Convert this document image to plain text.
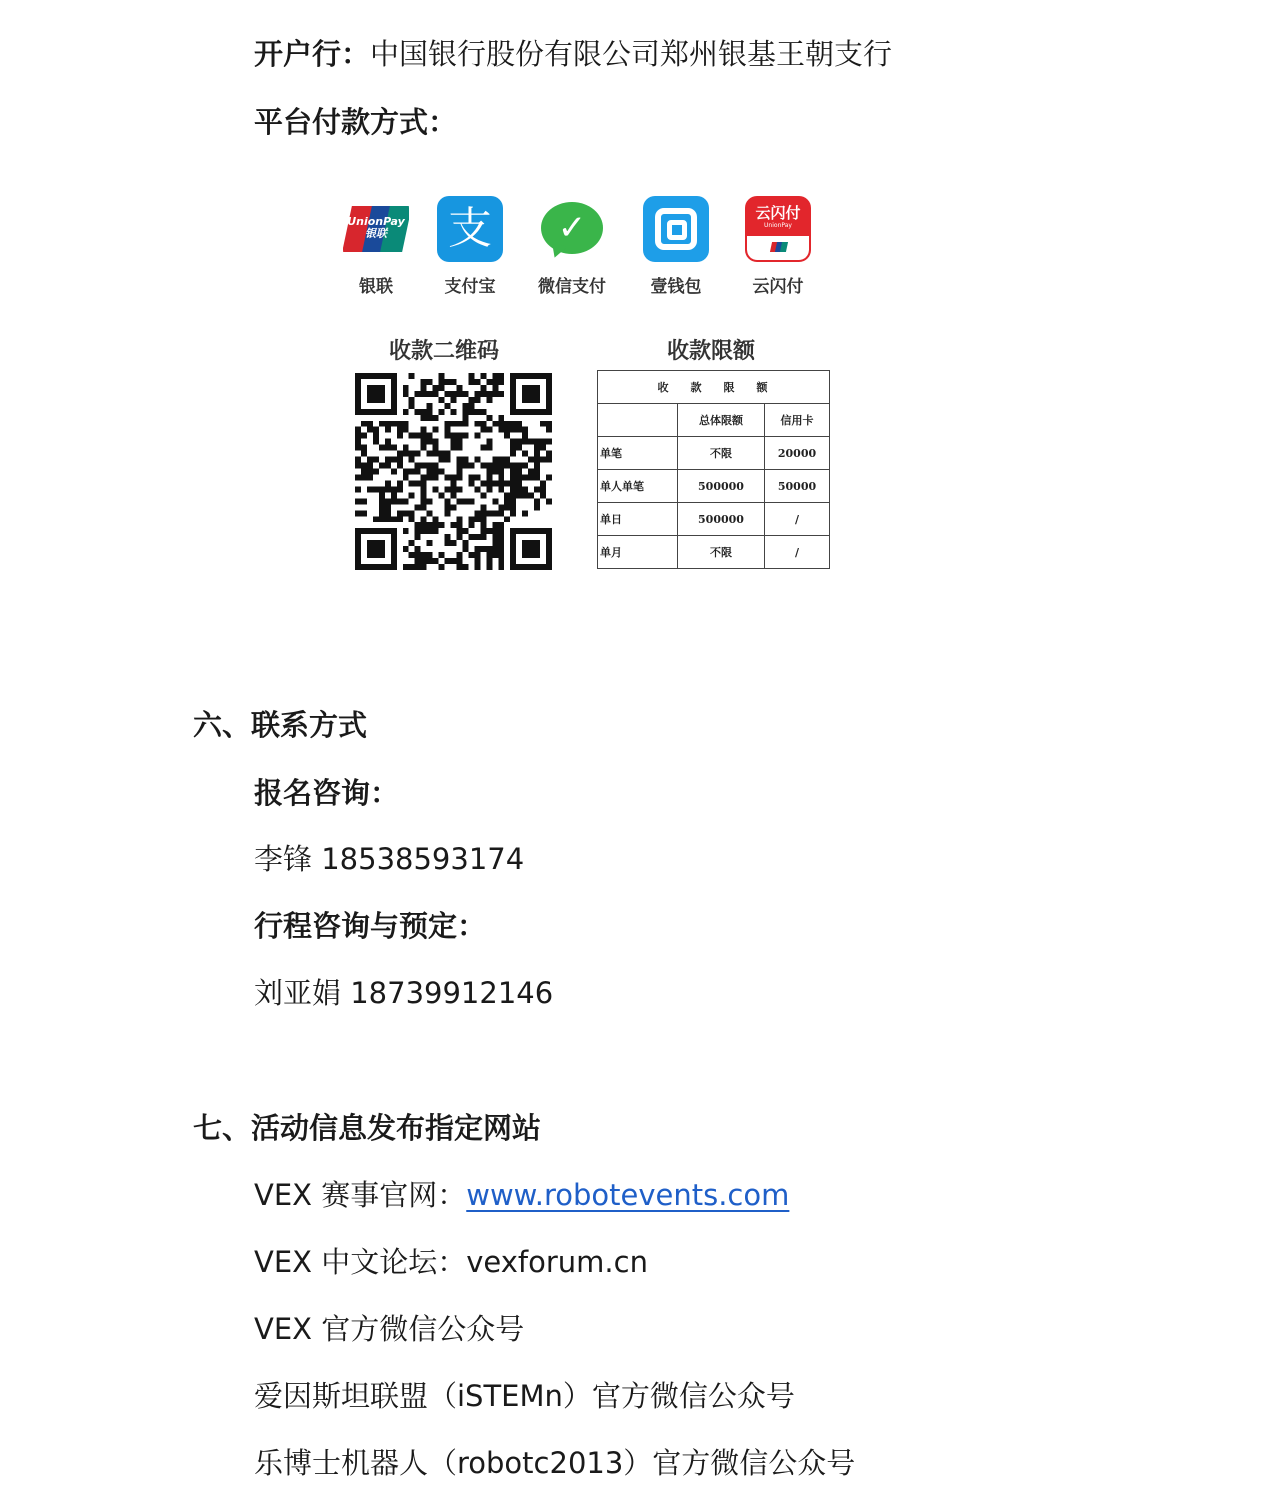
开户行：中国银行股份有限公司郑州银基王朝支行
平台付款方式：
UnionPay
银联
银联
支
支付宝
✓
微信支付	壹钱包
云闪付
UnionPay
云闪付
收款二维码	收款限额
收款限额		
	总体限额	信用卡
单笔	不限	20000
单人单笔	500000	50000
单日	500000	/
单月	不限	/
六、联系方式
报名咨询：
李锋 18538593174
行程咨询与预定：
刘亚娟 18739912146
七、活动信息发布指定网站
VEX 赛事官网：www.robotevents.com
VEX 中文论坛：vexforum.cn
VEX 官方微信公众号
爱因斯坦联盟（iSTEMn）官方微信公众号
乐博士机器人（robotc2013）官方微信公众号
